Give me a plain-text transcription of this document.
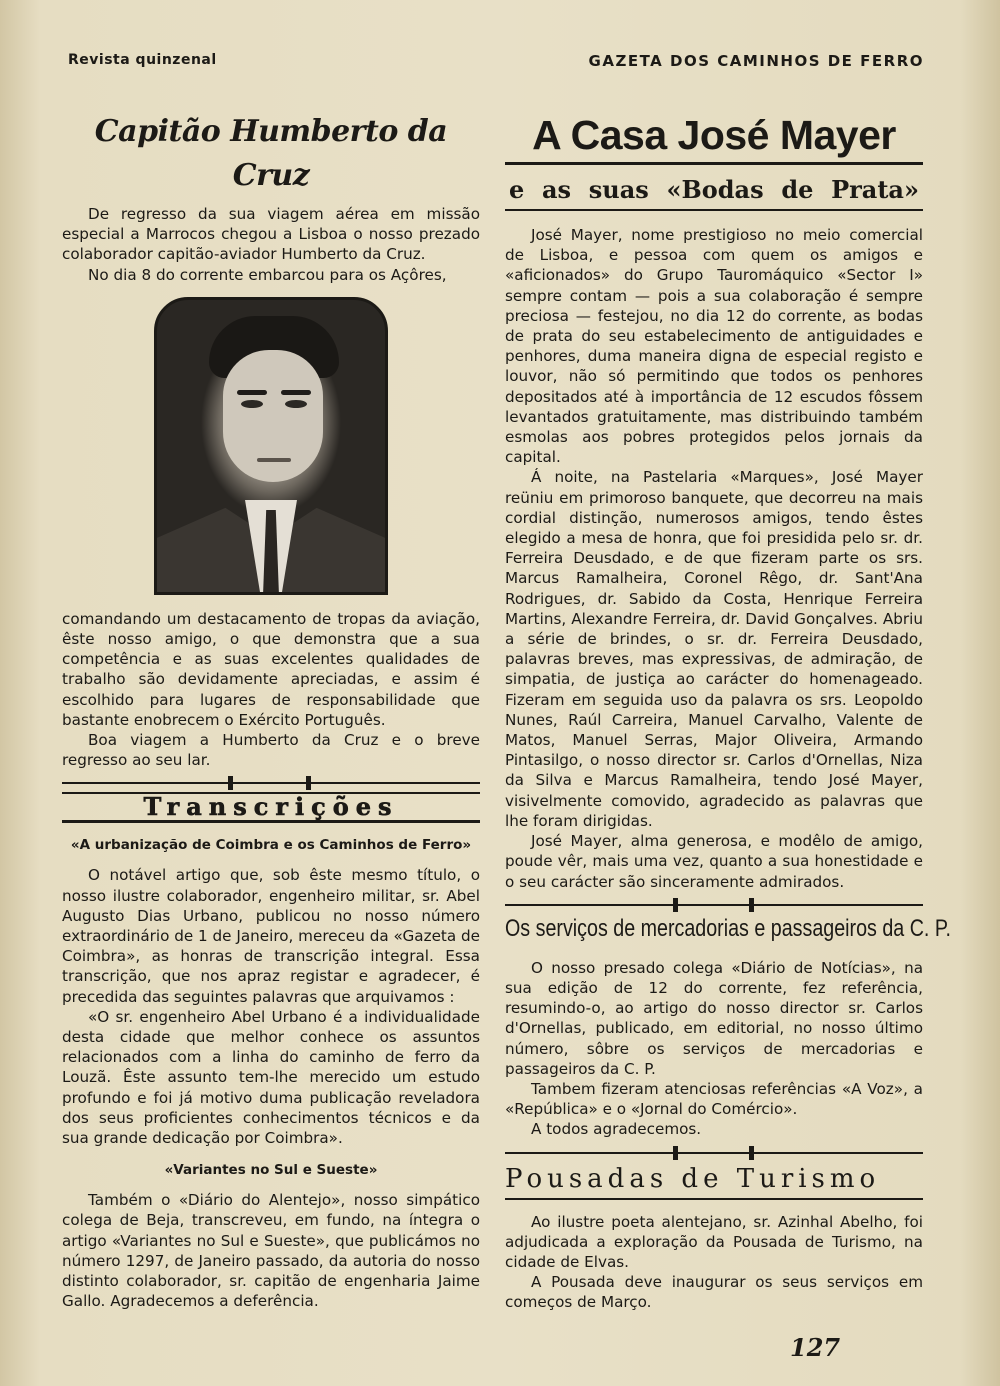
Revista quinzenal	GAZETA DOS CAMINHOS DE FERRO
Capitão Humberto da Cruz

De regresso da sua viagem aérea em missão especial a Marrocos chegou a Lisboa o nosso prezado colaborador capitão-aviador Humberto da Cruz.

No dia 8 do corrente embarcou para os Açôres,

comandando um destacamento de tropas da aviação, êste nosso amigo, o que demonstra que a sua competência e as suas excelentes qualidades de trabalho são devidamente apreciadas, e assim é escolhido para lugares de responsabilidade que bastante enobrecem o Exército Português.

Boa viagem a Humberto da Cruz e o breve regresso ao seu lar.

Transcrições
«A urbanização de Coimbra e os Caminhos de Ferro»

O notável artigo que, sob êste mesmo título, o nosso ilustre colaborador, engenheiro militar, sr. Abel Augusto Dias Urbano, publicou no nosso número extraordinário de 1 de Janeiro, mereceu da «Gazeta de Coimbra», as honras de transcrição integral. Essa transcrição, que nos apraz registar e agradecer, é precedida das seguintes palavras que arquivamos :

«O sr. engenheiro Abel Urbano é a individualidade desta cidade que melhor conhece os assuntos relacionados com a linha do caminho de ferro da Louzã. Êste assunto tem-lhe merecido um estudo profundo e foi já motivo duma publicação reveladora dos seus proficientes conhecimentos técnicos e da sua grande dedicação por Coimbra».

«Variantes no Sul e Sueste»

Também o «Diário do Alentejo», nosso simpático colega de Beja, transcreveu, em fundo, na íntegra o artigo «Variantes no Sul e Sueste», que publicámos no número 1297, de Janeiro passado, da autoria do nosso distinto colaborador, sr. capitão de engenharia Jaime Gallo. Agradecemos a deferência.

A Casa José Mayer
e as suas «Bodas de Prata»

José Mayer, nome prestigioso no meio comercial de Lisboa, e pessoa com quem os amigos e «aficionados» do Grupo Tauromáquico «Sector I» sempre contam — pois a sua colaboração é sempre preciosa — festejou, no dia 12 do corrente, as bodas de prata do seu estabelecimento de antiguidades e penhores, duma maneira digna de especial registo e louvor, não só permitindo que todos os penhores depositados até à importância de 12 escudos fôssem levantados gratuitamente, mas distribuindo também esmolas aos pobres protegidos pelos jornais da capital.

Á noite, na Pastelaria «Marques», José Mayer reüniu em primoroso banquete, que decorreu na mais cordial distinção, numerosos amigos, tendo êstes elegido a mesa de honra, que foi presidida pelo sr. dr. Ferreira Deusdado, e de que fizeram parte os srs. Marcus Ramalheira, Coronel Rêgo, dr. Sant'Ana Rodrigues, dr. Sabido da Costa, Henrique Ferreira Martins, Alexandre Ferreira, dr. David Gonçalves. Abriu a série de brindes, o sr. dr. Ferreira Deusdado, palavras breves, mas expressivas, de admiração, de simpatia, de justiça ao carácter do homenageado. Fizeram em seguida uso da palavra os srs. Leopoldo Nunes, Raúl Carreira, Manuel Carvalho, Valente de Matos, Manuel Serras, Major Oliveira, Armando Pintasilgo, o nosso director sr. Carlos d'Ornellas, Niza da Silva e Marcus Ramalheira, tendo José Mayer, visivelmente comovido, agradecido as palavras que lhe foram dirigidas.

José Mayer, alma generosa, e modêlo de amigo, poude vêr, mais uma vez, quanto a sua honestidade e o seu carácter são sinceramente admirados.

Os serviços de mercadorias e passageiros da C. P.

O nosso presado colega «Diário de Notícias», na sua edição de 12 do corrente, fez referência, resumindo-o, ao artigo do nosso director sr. Carlos d'Ornellas, publicado, em editorial, no nosso último número, sôbre os serviços de mercadorias e passageiros da C. P.

Tambem fizeram atenciosas referências «A Voz», a «República» e o «Jornal do Comércio».

A todos agradecemos.

Pousadas de Turismo

Ao ilustre poeta alentejano, sr. Azinhal Abelho, foi adjudicada a exploração da Pousada de Turismo, na cidade de Elvas.

A Pousada deve inaugurar os seus serviços em começos de Março.

127
